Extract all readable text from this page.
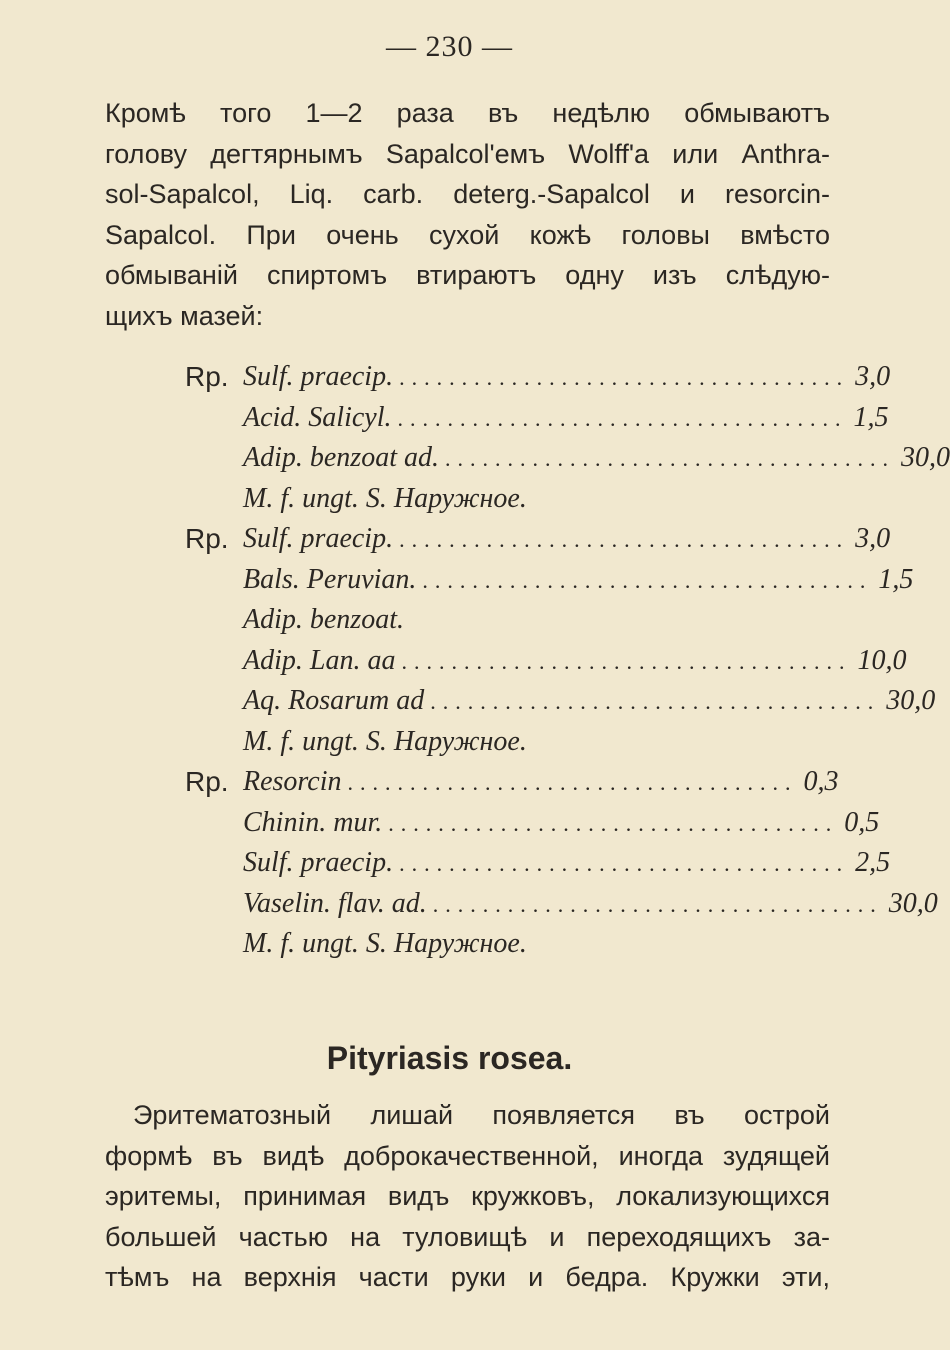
— 230 —
Кромѣ того 1—2 раза въ недѣлю обмываютъ
голову дегтярнымъ Sapalcol'емъ Wolff'a или Anthra-
sol-Sapalcol, Liq. carb. deterg.-Sapalcol и resorcin-
Sapalcol. При очень сухой кожѣ головы вмѣсто
обмываній спиртомъ втираютъ одну изъ слѣдую-
щихъ мазей:
Rp. Sulf. praecip. .................................... 3,0
Acid. Salicyl. .................................... 1,5
Adip. benzoat ad. .................................... 30,0
M. f. ungt. S. Наружное.
Rp. Sulf. praecip. .................................... 3,0
Bals. Peruvian. .................................... 1,5
Adip. benzoat.
Adip. Lan. aa .................................... 10,0
Aq. Rosarum ad .................................... 30,0
M. f. ungt. S. Наружное.
Rp. Resorcin .................................... 0,3
Chinin. mur. .................................... 0,5
Sulf. praecip. .................................... 2,5
Vaselin. flav. ad. .................................... 30,0
M. f. ungt. S. Наружное.
Pityriasis rosea.
Эритематозный лишай появляется въ острой
формѣ въ видѣ доброкачественной, иногда зудящей
эритемы, принимая видъ кружковъ, локализующихся
большей частью на туловищѣ и переходящихъ за-
тѣмъ на верхнія части руки и бедра. Кружки эти,
